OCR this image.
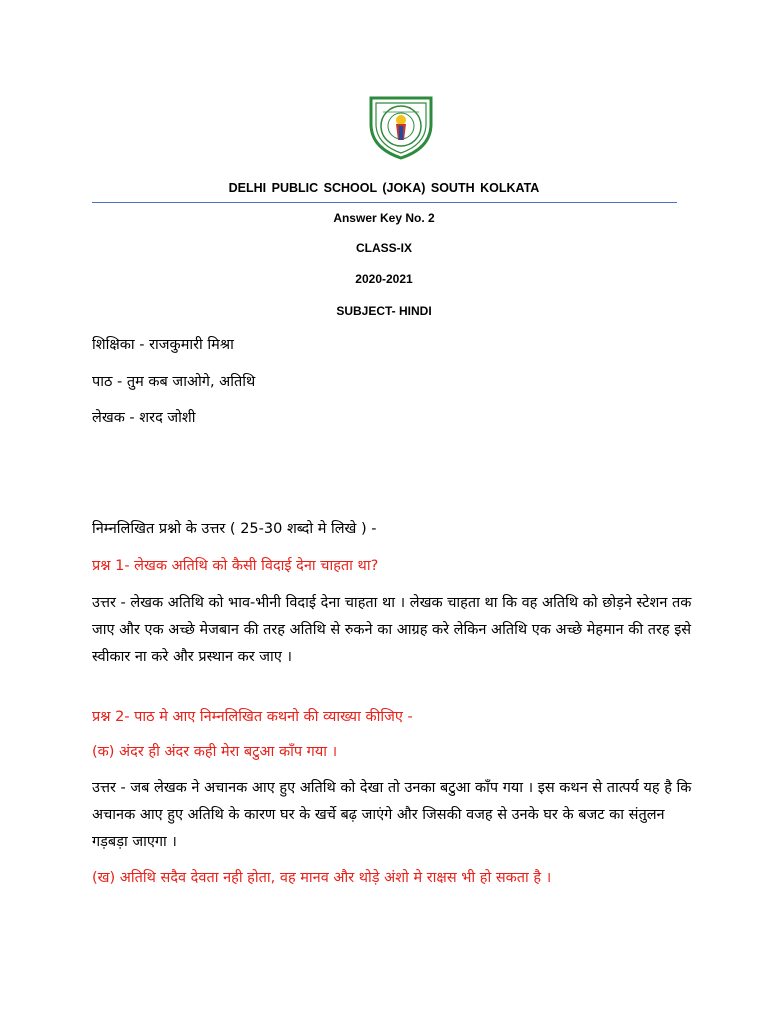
DELHI PUBLIC SCHOOL (JOKA) SOUTH KOLKATA
Answer Key No. 2
CLASS-IX
2020-2021
SUBJECT- HINDI
शिक्षिका - राजकुमारी मिश्रा
पाठ - तुम कब जाओगे, अतिथि
लेखक - शरद जोशी
निम्नलिखित प्रश्नो के उत्तर ( 25-30 शब्दो मे लिखे ) -
प्रश्न 1- लेखक अतिथि को कैसी विदाई देना चाहता था?

उत्तर - लेखक अतिथि को भाव-भीनी विदाई देना चाहता था । लेखक चाहता था कि वह अतिथि को छोड़ने स्टेशन तक जाए और एक अच्छे मेजबान की तरह अतिथि से रुकने का आग्रह करे लेकिन अतिथि एक अच्छे मेहमान की तरह इसे स्वीकार ना करे और प्रस्थान कर जाए ।

प्रश्न 2- पाठ मे आए निम्नलिखित कथनो की व्याख्या कीजिए -
(क) अंदर ही अंदर कही मेरा बटुआ काँप गया ।

उत्तर - जब लेखक ने अचानक आए हुए अतिथि को देखा तो उनका बटुआ काँप गया । इस कथन से तात्पर्य यह है कि अचानक आए हुए अतिथि के कारण घर के खर्चे बढ़ जाएंगे और जिसकी वजह से उनके घर के बजट का संतुलन गड़बड़ा जाएगा ।

(ख) अतिथि सदैव देवता नही होता, वह मानव और थोड़े अंशो मे राक्षस भी हो सकता है ।
